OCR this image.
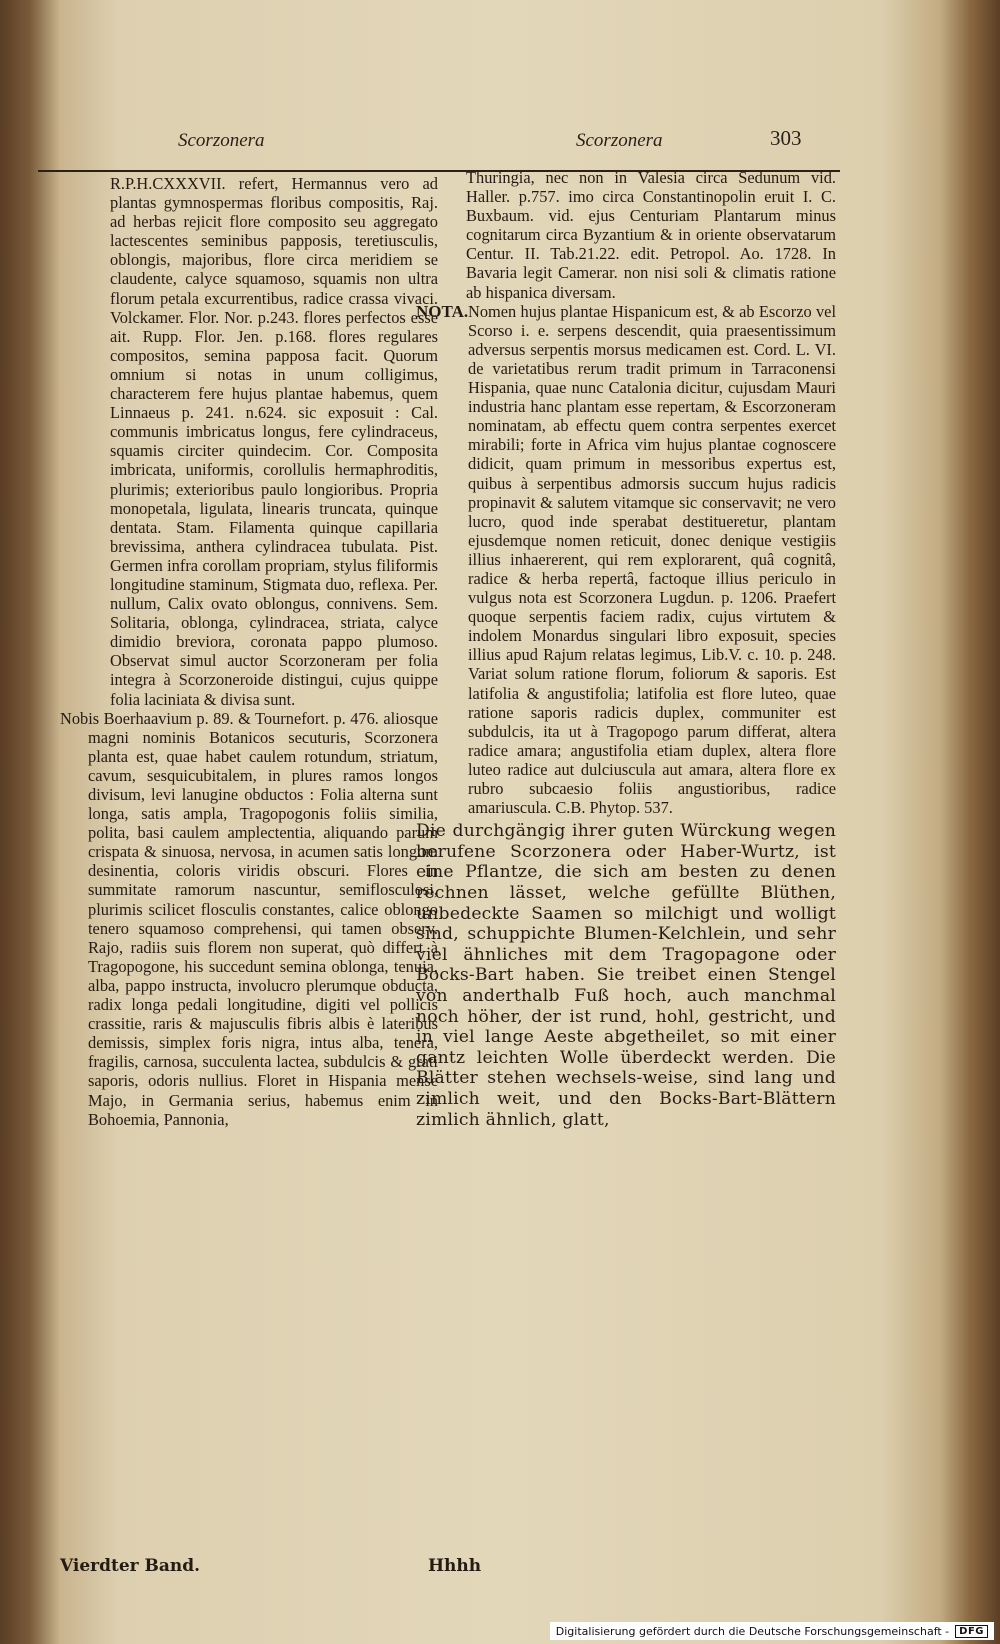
Scorzonera	Scorzonera	303

R.P.H.CXXXVII. refert, Hermannus vero ad plantas gymnospermas floribus compositis, Raj. ad herbas rejicit flore composito seu aggregato lactescentes seminibus papposis, teretiusculis, oblongis, majoribus, flore circa meridiem se claudente, calyce squamoso, squamis non ultra florum petala excurrentibus, radice crassa vivaci. Volckamer. Flor. Nor. p.243. flores perfectos esse ait. Rupp. Flor. Jen. p.168. flores regulares compositos, semina papposa facit. Quorum omnium si notas in unum colligimus, characterem fere hujus plantae habemus, quem Linnaeus p. 241. n.624. sic exposuit : Cal. communis imbricatus longus, fere cylindraceus, squamis circiter quindecim. Cor. Composita imbricata, uniformis, corollulis hermaphroditis, plurimis; exterioribus paulo longioribus. Propria monopetala, ligulata, linearis truncata, quinque dentata. Stam. Filamenta quinque capillaria brevissima, anthera cylindracea tubulata. Pist. Germen infra corollam propriam, stylus filiformis longitudine staminum, Stigmata duo, reflexa. Per. nullum, Calix ovato oblongus, connivens. Sem. Solitaria, oblonga, cylindracea, striata, calyce dimidio breviora, coronata pappo plumoso. Observat simul auctor Scorzoneram per folia integra à Scorzoneroide distingui, cujus quippe folia laciniata & divisa sunt.

Nobis Boerhaavium p. 89. & Tournefort. p. 476. aliosque magni nominis Botanicos secuturis, Scorzonera planta est, quae habet caulem rotundum, striatum, cavum, sesquicubitalem, in plures ramos longos divisum, levi lanugine obductos : Folia alterna sunt longa, satis ampla, Tragopogonis foliis similia, polita, basi caulem amplectentia, aliquando parum crispata & sinuosa, nervosa, in acumen satis longum desinentia, coloris viridis obscuri. Flores in summitate ramorum nascuntur, semiflosculosi, plurimis scilicet flosculis constantes, calice oblongo tenero squamoso comprehensi, qui tamen observ. Rajo, radiis suis florem non superat, quò differt à Tragopogone, his succedunt semina oblonga, tenuia, alba, pappo instructa, involucro plerumque obducta, radix longa pedali longitudine, digiti vel pollicis crassitie, raris & majusculis fibris albis è lateribus demissis, simplex foris nigra, intus alba, tenera, fragilis, carnosa, succulenta lactea, subdulcis & grati saporis, odoris nullius. Floret in Hispania mense Majo, in Germania serius, habemus enim in Bohoemia, Pannonia,

Thuringia, nec non in Valesia circa Sedunum vid. Haller. p.757. imo circa Constantinopolin eruit I. C. Buxbaum. vid. ejus Centuriam Plantarum minus cognitarum circa Byzantium & in oriente observatarum Centur. II. Tab.21.22. edit. Petropol. Ao. 1728. In Bavaria legit Camerar. non nisi soli & climatis ratione ab hispanica diversam.

NOTA.Nomen hujus plantae Hispanicum est, & ab Escorzo vel Scorso i. e. serpens descendit, quia praesentissimum adversus serpentis morsus medicamen est. Cord. L. VI. de varietatibus rerum tradit primum in Tarraconensi Hispania, quae nunc Catalonia dicitur, cujusdam Mauri industria hanc plantam esse repertam, & Escorzoneram nominatam, ab effectu quem contra serpentes exercet mirabili; forte in Africa vim hujus plantae cognoscere didicit, quam primum in messoribus expertus est, quibus à serpentibus admorsis succum hujus radicis propinavit & salutem vitamque sic conservavit; ne vero lucro, quod inde sperabat destitueretur, plantam ejusdemque nomen reticuit, donec denique vestigiis illius inhaererent, qui rem explorarent, quâ cognitâ, radice & herba repertâ, factoque illius periculo in vulgus nota est Scorzonera Lugdun. p. 1206. Praefert quoque serpentis faciem radix, cujus virtutem & indolem Monardus singulari libro exposuit, species illius apud Rajum relatas legimus, Lib.V. c. 10. p. 248. Variat solum ratione florum, foliorum & saporis. Est latifolia & angustifolia; latifolia est flore luteo, quae ratione saporis radicis duplex, communiter est subdulcis, ita ut à Tragopogo parum differat, altera radice amara; angustifolia etiam duplex, altera flore luteo radice aut dulciuscula aut amara, altera flore ex rubro subcaesio foliis angustioribus, radice amariuscula. C.B. Phytop. 537.

Die durchgängig ihrer guten Würckung wegen berufene Scorzonera oder Haber-Wurtz, ist eine Pflantze, die sich am besten zu denen rechnen lässet, welche gefüllte Blüthen, unbedeckte Saamen so milchigt und wolligt sind, schuppichte Blumen-Kelchlein, und sehr viel ähnliches mit dem Tragopagone oder Bocks-Bart haben. Sie treibet einen Stengel von anderthalb Fuß hoch, auch manchmal noch höher, der ist rund, hohl, gestricht, und in viel lange Aeste abgetheilet, so mit einer gantz leichten Wolle überdeckt werden. Die Blätter stehen wechsels-weise, sind lang und zimlich weit, und den Bocks-Bart-Blättern zimlich ähnlich, glatt,

Vierdter Band.	Hhhh
Digitalisierung gefördert durch die Deutsche Forschungsgemeinschaft -	DFG
